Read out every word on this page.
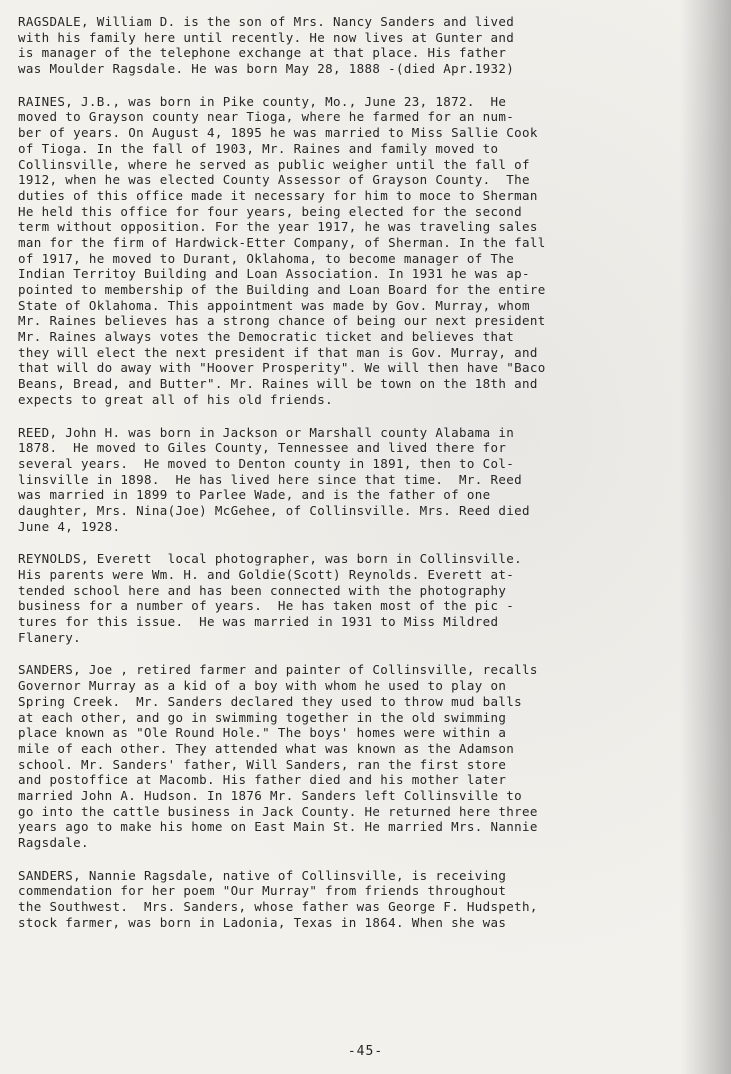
RAGSDALE, William D. is the son of Mrs. Nancy Sanders and lived
with his family here until recently. He now lives at Gunter and
is manager of the telephone exchange at that place. His father
was Moulder Ragsdale. He was born May 28, 1888 -(died Apr.1932)
RAINES, J.B., was born in Pike county, Mo., June 23, 1872.  He
moved to Grayson county near Tioga, where he farmed for an num-
ber of years. On August 4, 1895 he was married to Miss Sallie Cook
of Tioga. In the fall of 1903, Mr. Raines and family moved to
Collinsville, where he served as public weigher until the fall of
1912, when he was elected County Assessor of Grayson County.  The
duties of this office made it necessary for him to moce to Sherman
He held this office for four years, being elected for the second
term without opposition. For the year 1917, he was traveling sales
man for the firm of Hardwick-Etter Company, of Sherman. In the fall
of 1917, he moved to Durant, Oklahoma, to become manager of The
Indian Territoy Building and Loan Association. In 1931 he was ap-
pointed to membership of the Building and Loan Board for the entire
State of Oklahoma. This appointment was made by Gov. Murray, whom
Mr. Raines believes has a strong chance of being our next president
Mr. Raines always votes the Democratic ticket and believes that
they will elect the next president if that man is Gov. Murray, and
that will do away with "Hoover Prosperity". We will then have "Baco
Beans, Bread, and Butter". Mr. Raines will be town on the 18th and
expects to great all of his old friends.
REED, John H. was born in Jackson or Marshall county Alabama in
1878.  He moved to Giles County, Tennessee and lived there for
several years.  He moved to Denton county in 1891, then to Col-
linsville in 1898.  He has lived here since that time.  Mr. Reed
was married in 1899 to Parlee Wade, and is the father of one
daughter, Mrs. Nina(Joe) McGehee, of Collinsville. Mrs. Reed died
June 4, 1928.
REYNOLDS, Everett  local photographer, was born in Collinsville.
His parents were Wm. H. and Goldie(Scott) Reynolds. Everett at-
tended school here and has been connected with the photography
business for a number of years.  He has taken most of the pic -
tures for this issue.  He was married in 1931 to Miss Mildred
Flanery.
SANDERS, Joe , retired farmer and painter of Collinsville, recalls
Governor Murray as a kid of a boy with whom he used to play on
Spring Creek.  Mr. Sanders declared they used to throw mud balls
at each other, and go in swimming together in the old swimming
place known as "Ole Round Hole." The boys' homes were within a
mile of each other. They attended what was known as the Adamson
school. Mr. Sanders' father, Will Sanders, ran the first store
and postoffice at Macomb. His father died and his mother later
married John A. Hudson. In 1876 Mr. Sanders left Collinsville to
go into the cattle business in Jack County. He returned here three
years ago to make his home on East Main St. He married Mrs. Nannie
Ragsdale.
SANDERS, Nannie Ragsdale, native of Collinsville, is receiving
commendation for her poem "Our Murray" from friends throughout
the Southwest.  Mrs. Sanders, whose father was George F. Hudspeth,
stock farmer, was born in Ladonia, Texas in 1864. When she was
-45-
